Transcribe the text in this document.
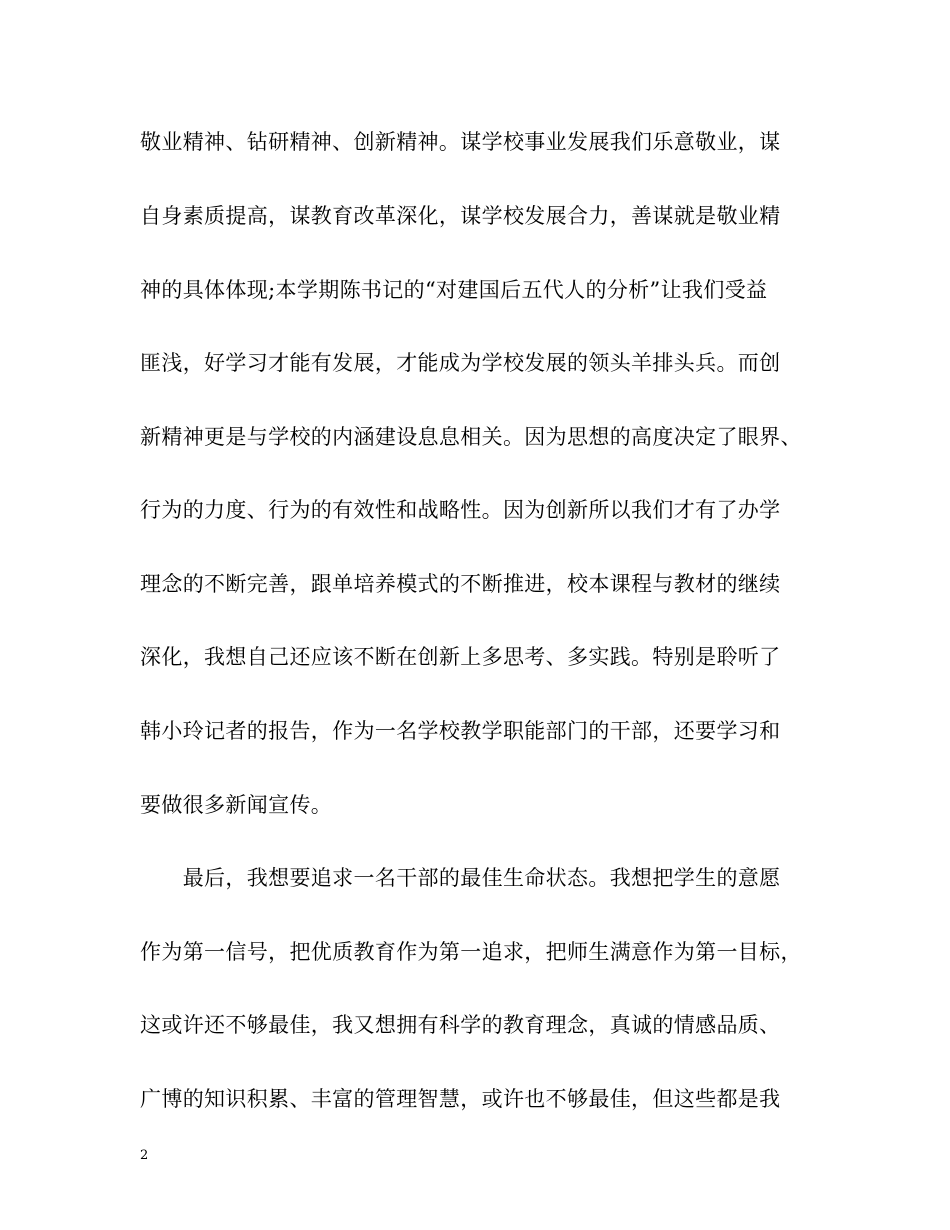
敬业精神、钻研精神、创新精神。谋学校事业发展我们乐意敬业，谋
自身素质提高，谋教育改革深化，谋学校发展合力，善谋就是敬业精
神的具体体现;本学期陈书记的“对建国后五代人的分析”让我们受益
匪浅，好学习才能有发展，才能成为学校发展的领头羊排头兵。而创
新精神更是与学校的内涵建设息息相关。因为思想的高度决定了眼界、
行为的力度、行为的有效性和战略性。因为创新所以我们才有了办学
理念的不断完善，跟单培养模式的不断推进，校本课程与教材的继续
深化，我想自己还应该不断在创新上多思考、多实践。特别是聆听了
韩小玲记者的报告，作为一名学校教学职能部门的干部，还要学习和
要做很多新闻宣传。
　　最后，我想要追求一名干部的最佳生命状态。我想把学生的意愿
作为第一信号，把优质教育作为第一追求，把师生满意作为第一目标，
这或许还不够最佳，我又想拥有科学的教育理念，真诚的情感品质、
广博的知识积累、丰富的管理智慧，或许也不够最佳，但这些都是我
2
